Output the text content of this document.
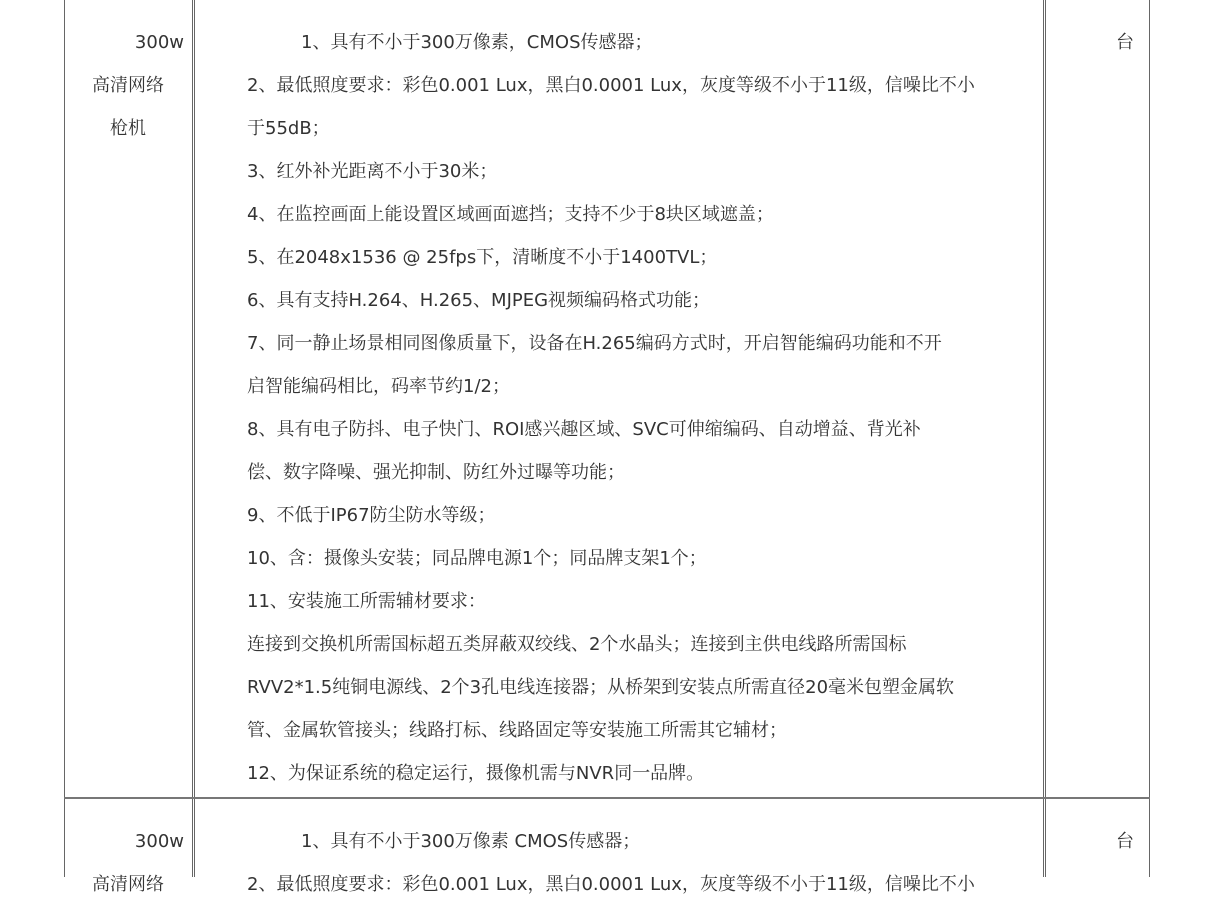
300w
高清网络
枪机
1、具有不小于300万像素，CMOS传感器；
2、最低照度要求：彩色0.001 Lux，黑白0.0001 Lux，灰度等级不小于11级，信噪比不小
于55dB；
3、红外补光距离不小于30米；
4、在监控画面上能设置区域画面遮挡；支持不少于8块区域遮盖；
5、在2048x1536 @ 25fps下，清晰度不小于1400TVL；
6、具有支持H.264、H.265、MJPEG视频编码格式功能；
7、同一静止场景相同图像质量下，设备在H.265编码方式时，开启智能编码功能和不开
启智能编码相比，码率节约1/2；
8、具有电子防抖、电子快门、ROI感兴趣区域、SVC可伸缩编码、自动增益、背光补
偿、数字降噪、强光抑制、防红外过曝等功能；
9、不低于IP67防尘防水等级；
10、含：摄像头安装；同品牌电源1个；同品牌支架1个；
11、安装施工所需辅材要求：
连接到交换机所需国标超五类屏蔽双绞线、2个水晶头；连接到主供电线路所需国标
RVV2*1.5纯铜电源线、2个3孔电线连接器；从桥架到安装点所需直径20毫米包塑金属软
管、金属软管接头；线路打标、线路固定等安装施工所需其它辅材；
12、为保证系统的稳定运行，摄像机需与NVR同一品牌。
台
300w
高清网络
1、具有不小于300万像素 CMOS传感器；
2、最低照度要求：彩色0.001 Lux，黑白0.0001 Lux，灰度等级不小于11级，信噪比不小
台
